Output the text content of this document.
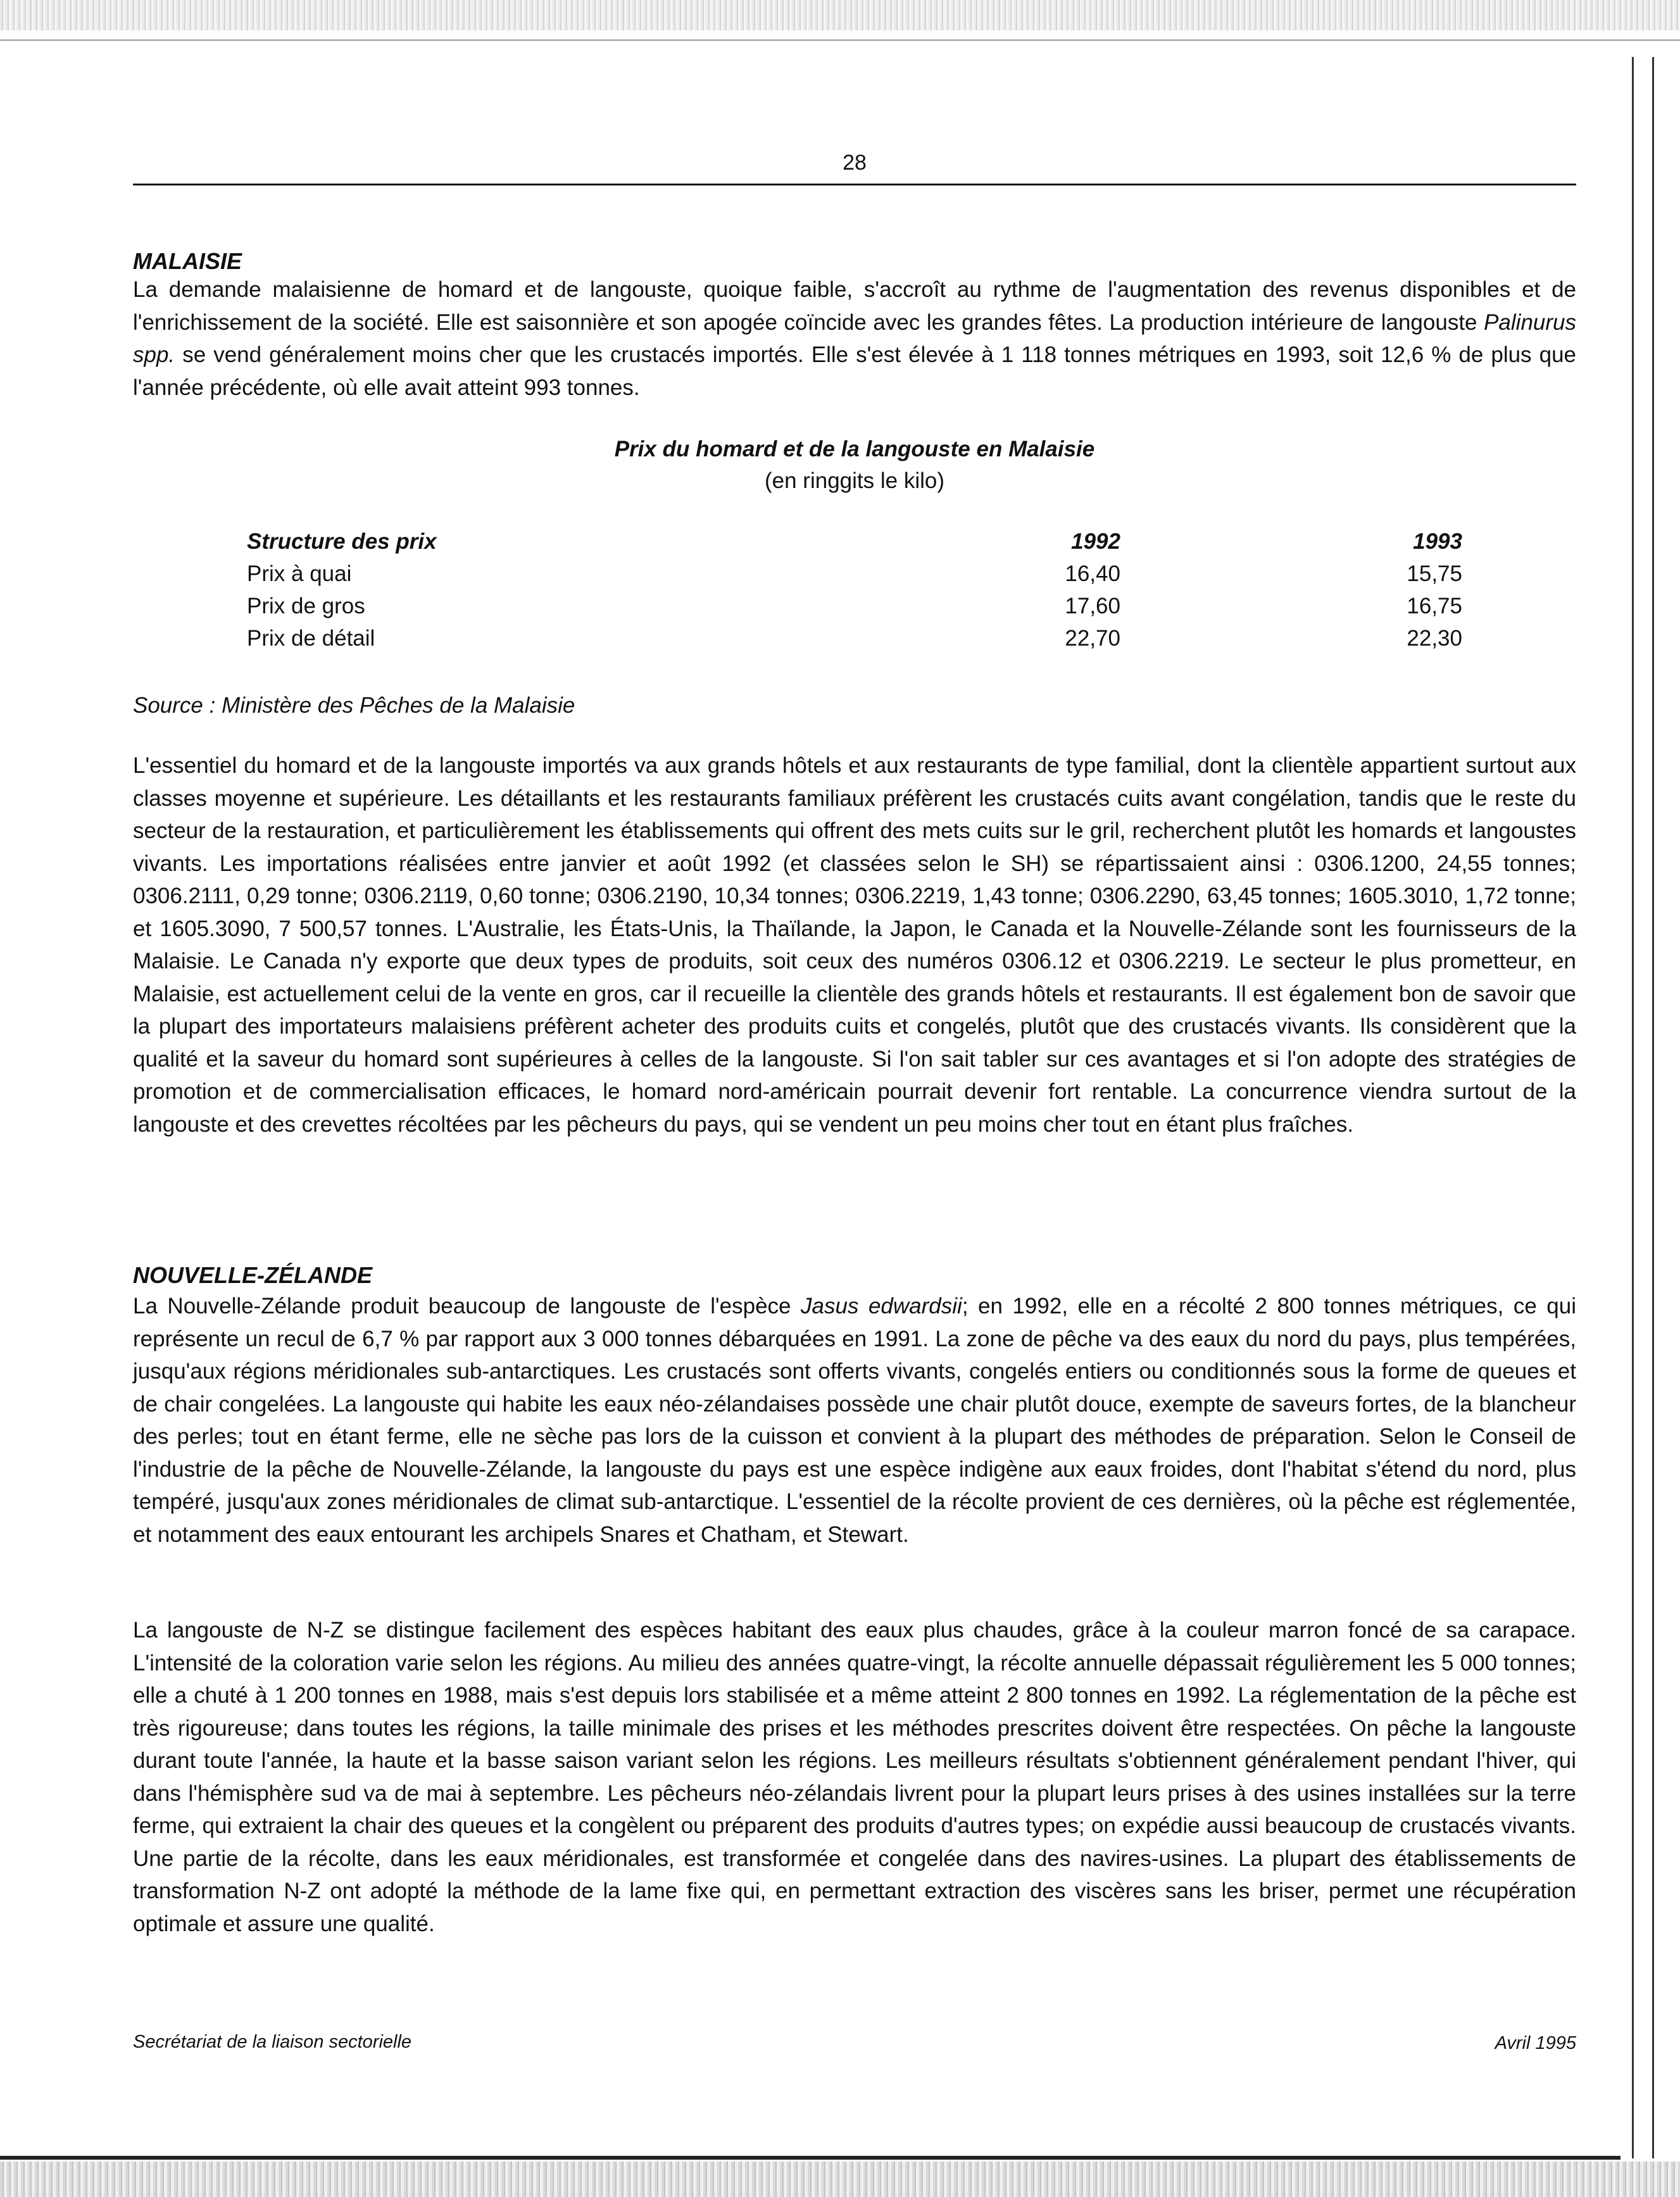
28
MALAISIE
La demande malaisienne de homard et de langouste, quoique faible, s'accroît au rythme de l'augmentation des revenus disponibles et de l'enrichissement de la société. Elle est saisonnière et son apogée coïncide avec les grandes fêtes. La production intérieure de langouste Palinurus spp. se vend généralement moins cher que les crustacés importés. Elle s'est élevée à 1 118 tonnes métriques en 1993, soit 12,6 % de plus que l'année précédente, où elle avait atteint 993 tonnes.
Prix du homard et de la langouste en Malaisie
(en ringgits le kilo)
Structure des prix	1992	1993
Prix à quai	16,40	15,75
Prix de gros	17,60	16,75
Prix de détail	22,70	22,30
Source : Ministère des Pêches de la Malaisie
L'essentiel du homard et de la langouste importés va aux grands hôtels et aux restaurants de type familial, dont la clientèle appartient surtout aux classes moyenne et supérieure. Les détaillants et les restaurants familiaux préfèrent les crustacés cuits avant congélation, tandis que le reste du secteur de la restauration, et particulièrement les établissements qui offrent des mets cuits sur le gril, recherchent plutôt les homards et langoustes vivants. Les importations réalisées entre janvier et août 1992 (et classées selon le SH) se répartissaient ainsi : 0306.1200, 24,55 tonnes; 0306.2111, 0,29 tonne; 0306.2119, 0,60 tonne; 0306.2190, 10,34 tonnes; 0306.2219, 1,43 tonne; 0306.2290, 63,45 tonnes; 1605.3010, 1,72 tonne; et 1605.3090, 7 500,57 tonnes. L'Australie, les États-Unis, la Thaïlande, la Japon, le Canada et la Nouvelle-Zélande sont les fournisseurs de la Malaisie. Le Canada n'y exporte que deux types de produits, soit ceux des numéros 0306.12 et 0306.2219. Le secteur le plus prometteur, en Malaisie, est actuellement celui de la vente en gros, car il recueille la clientèle des grands hôtels et restaurants. Il est également bon de savoir que la plupart des importateurs malaisiens préfèrent acheter des produits cuits et congelés, plutôt que des crustacés vivants. Ils considèrent que la qualité et la saveur du homard sont supérieures à celles de la langouste. Si l'on sait tabler sur ces avantages et si l'on adopte des stratégies de promotion et de commercialisation efficaces, le homard nord-américain pourrait devenir fort rentable. La concurrence viendra surtout de la langouste et des crevettes récoltées par les pêcheurs du pays, qui se vendent un peu moins cher tout en étant plus fraîches.
NOUVELLE-ZÉLANDE
La Nouvelle-Zélande produit beaucoup de langouste de l'espèce Jasus edwardsii; en 1992, elle en a récolté 2 800 tonnes métriques, ce qui représente un recul de 6,7 % par rapport aux 3 000 tonnes débarquées en 1991. La zone de pêche va des eaux du nord du pays, plus tempérées, jusqu'aux régions méridionales sub-antarctiques. Les crustacés sont offerts vivants, congelés entiers ou conditionnés sous la forme de queues et de chair congelées. La langouste qui habite les eaux néo-zélandaises possède une chair plutôt douce, exempte de saveurs fortes, de la blancheur des perles; tout en étant ferme, elle ne sèche pas lors de la cuisson et convient à la plupart des méthodes de préparation. Selon le Conseil de l'industrie de la pêche de Nouvelle-Zélande, la langouste du pays est une espèce indigène aux eaux froides, dont l'habitat s'étend du nord, plus tempéré, jusqu'aux zones méridionales de climat sub-antarctique. L'essentiel de la récolte provient de ces dernières, où la pêche est réglementée, et notamment des eaux entourant les archipels Snares et Chatham, et Stewart.
La langouste de N-Z se distingue facilement des espèces habitant des eaux plus chaudes, grâce à la couleur marron foncé de sa carapace. L'intensité de la coloration varie selon les régions. Au milieu des années quatre-vingt, la récolte annuelle dépassait régulièrement les 5 000 tonnes; elle a chuté à 1 200 tonnes en 1988, mais s'est depuis lors stabilisée et a même atteint 2 800 tonnes en 1992. La réglementation de la pêche est très rigoureuse; dans toutes les régions, la taille minimale des prises et les méthodes prescrites doivent être respectées. On pêche la langouste durant toute l'année, la haute et la basse saison variant selon les régions. Les meilleurs résultats s'obtiennent généralement pendant l'hiver, qui dans l'hémisphère sud va de mai à septembre. Les pêcheurs néo-zélandais livrent pour la plupart leurs prises à des usines installées sur la terre ferme, qui extraient la chair des queues et la congèlent ou préparent des produits d'autres types; on expédie aussi beaucoup de crustacés vivants. Une partie de la récolte, dans les eaux méridionales, est transformée et congelée dans des navires-usines. La plupart des établissements de transformation N-Z ont adopté la méthode de la lame fixe qui, en permettant extraction des viscères sans les briser, permet une récupération optimale et assure une qualité.
Secrétariat de la liaison sectorielle	Avril 1995
